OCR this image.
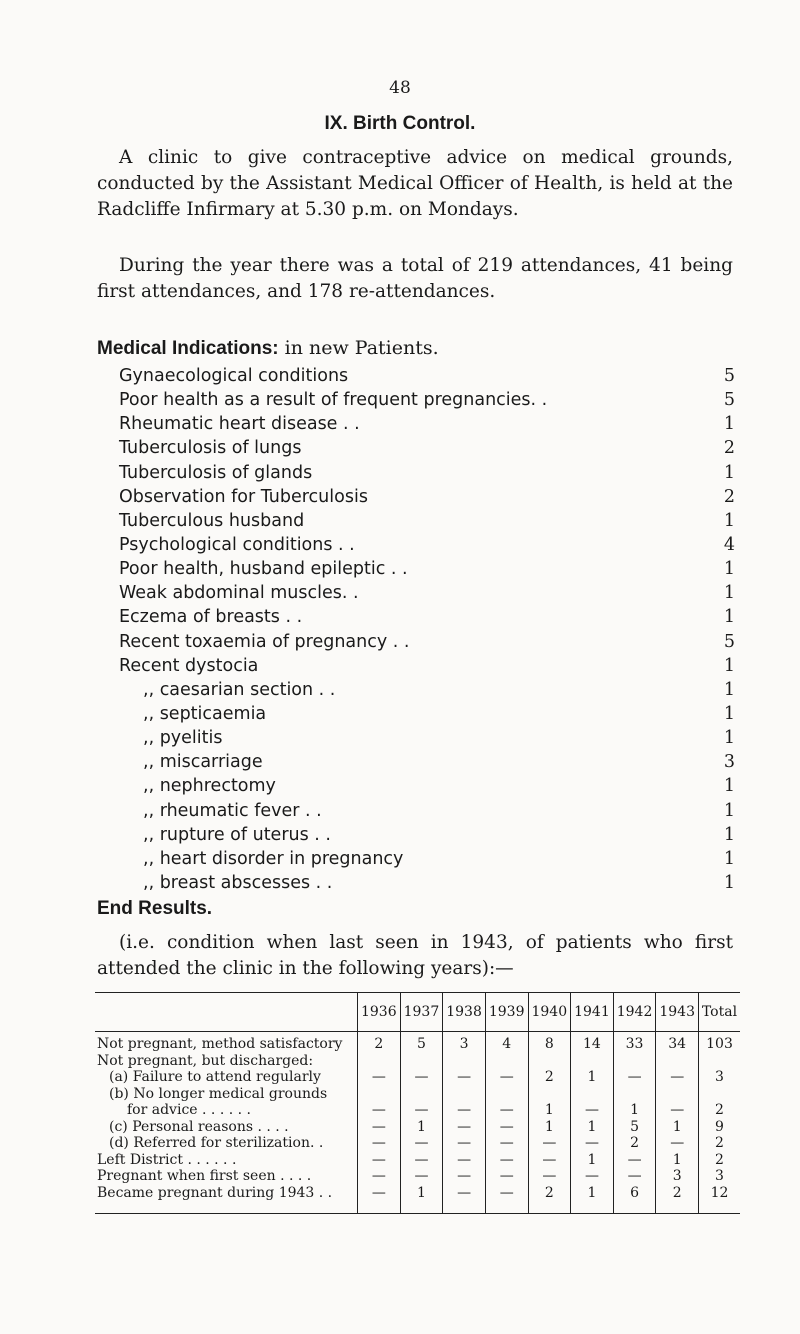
48
IX. Birth Control.
A clinic to give contraceptive advice on medical grounds, conducted by the Assistant Medical Officer of Health, is held at the Radcliffe Infirmary at 5.30 p.m. on Mondays.
During the year there was a total of 219 attendances, 41 being first attendances, and 178 re-attendances.
Medical Indications: in new Patients.
Gynaecological conditions	5
Poor health as a result of frequent pregnancies. .	5
Rheumatic heart disease . .	1
Tuberculosis of lungs	2
Tuberculosis of glands	1
Observation for Tuberculosis	2
Tuberculous husband	1
Psychological conditions . .	4
Poor health, husband epileptic . .	1
Weak abdominal muscles. .	1
Eczema of breasts . .	1
Recent toxaemia of pregnancy . .	5
Recent dystocia	1
,, caesarian section . .	1
,, septicaemia	1
,, pyelitis	1
,, miscarriage	3
,, nephrectomy	1
,, rheumatic fever . .	1
,, rupture of uterus . .	1
,, heart disorder in pregnancy	1
,, breast abscesses . .	1
End Results.
(i.e. condition when last seen in 1943, of patients who first attended the clinic in the following years):—
	1936	1937	1938	1939	1940	1941	1942	1943	Total
Not pregnant, method satisfactory	2	5	3	4	8	14	33	34	103
Not pregnant, but discharged:									
(a) Failure to attend regularly	—	—	—	—	2	1	—	—	3
(b) No longer medical grounds									
for advice . . . . . .	—	—	—	—	1	—	1	—	2
(c) Personal reasons . . . .	—	1	—	—	1	1	5	1	9
(d) Referred for sterilization. .	—	—	—	—	—	—	2	—	2
Left District . . . . . .	—	—	—	—	—	1	—	1	2
Pregnant when first seen . . . .	—	—	—	—	—	—	—	3	3
Became pregnant during 1943 . .	—	1	—	—	2	1	6	2	12
